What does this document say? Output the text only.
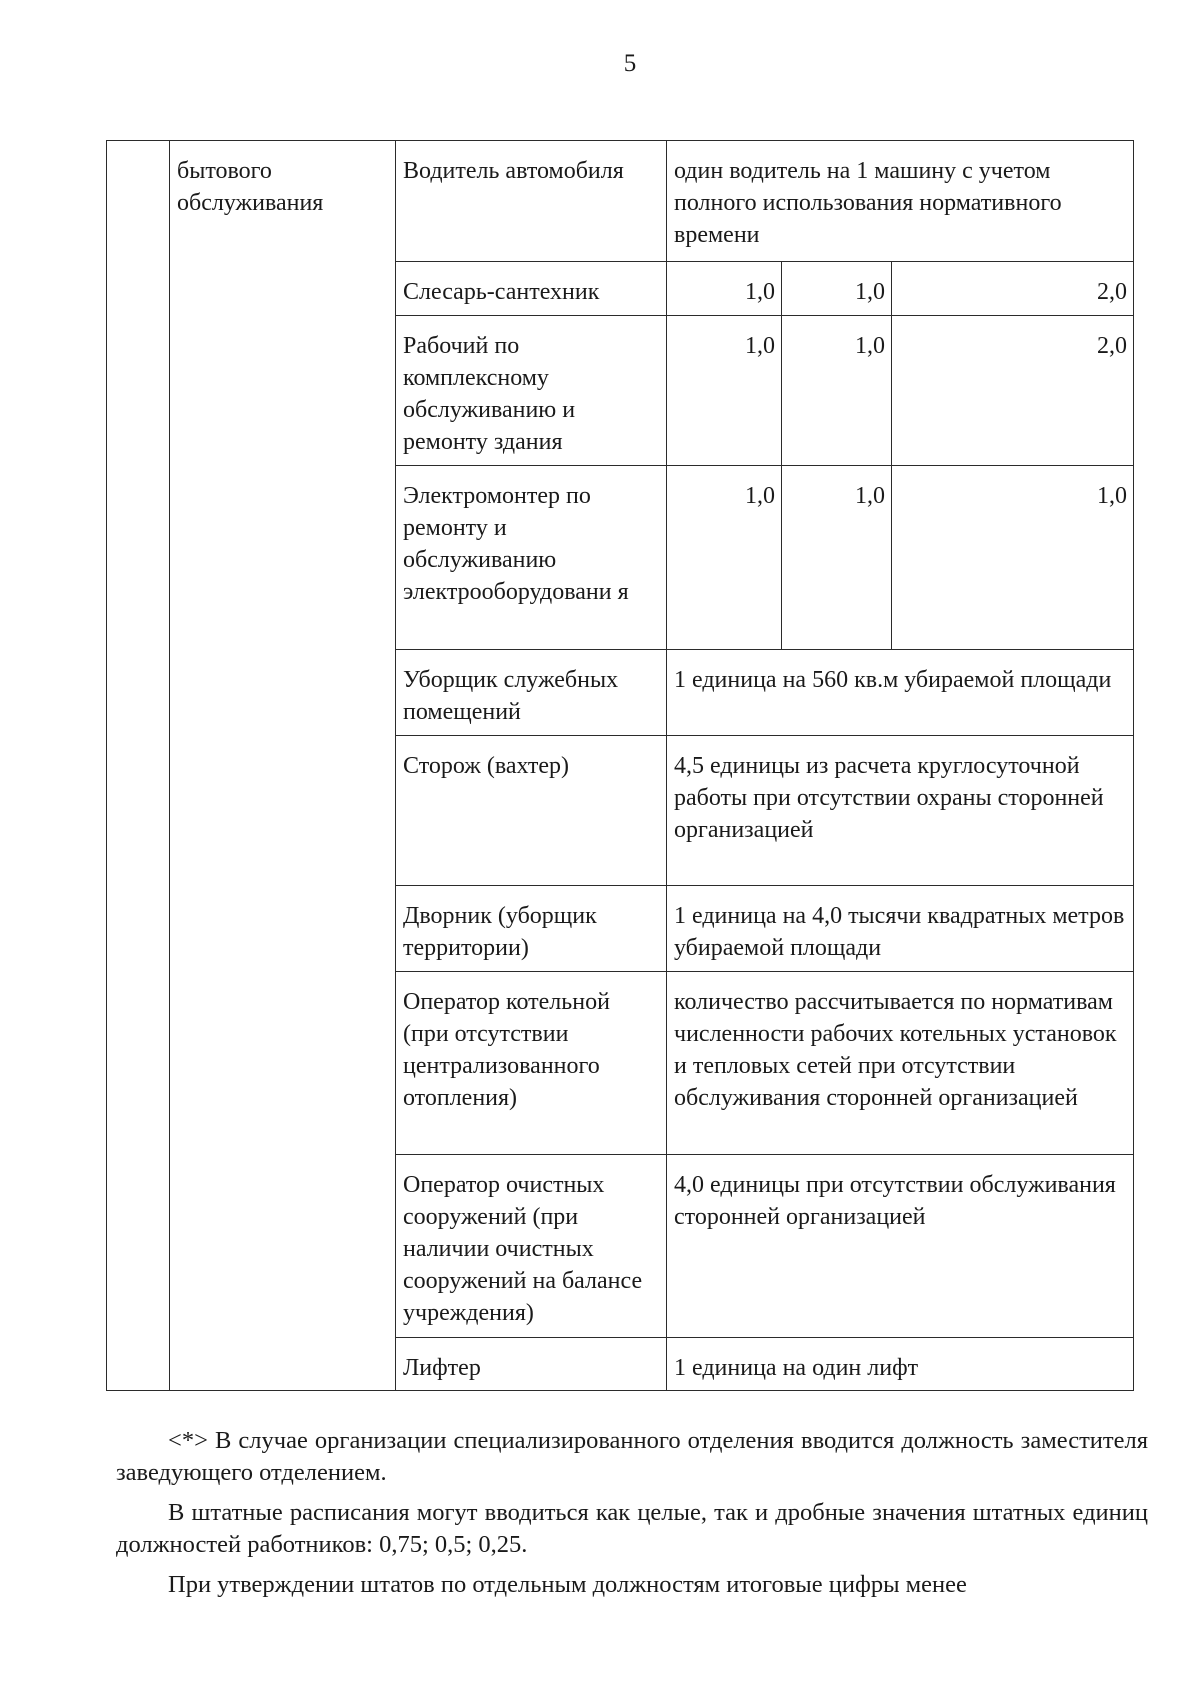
5
	бытового обслуживания	Водитель автомобиля	один водитель на 1 машину с учетом полного использования нормативного времени		
		Слесарь-сантехник	1,0	1,0	2,0
		Рабочий по комплексному обслуживанию и ремонту здания	1,0	1,0	2,0
		Электромонтер по ремонту и обслуживанию электрооборудовани я	1,0	1,0	1,0
		Уборщик служебных помещений	1 единица на 560 кв.м убираемой площади		
		Сторож (вахтер)	4,5 единицы из расчета круглосуточной работы при отсутствии охраны сторонней организацией		
		Дворник (уборщик территории)	1 единица на 4,0 тысячи квадратных метров убираемой площади		
		Оператор котельной (при отсутствии централизованного отопления)	количество рассчитывается по нормативам численности рабочих котельных установок и тепловых сетей при отсутствии обслуживания сторонней организацией		
		Оператор очистных сооружений (при наличии очистных сооружений на балансе учреждения)	4,0 единицы при отсутствии обслуживания сторонней организацией		
		Лифтер	1 единица на один лифт		

<*> В случае организации специализированного отделения вводится должность заместителя заведующего отделением.

В штатные расписания могут вводиться как целые, так и дробные значения штатных единиц должностей работников: 0,75; 0,5; 0,25.

При утверждении штатов по отдельным должностям итоговые цифры менее
